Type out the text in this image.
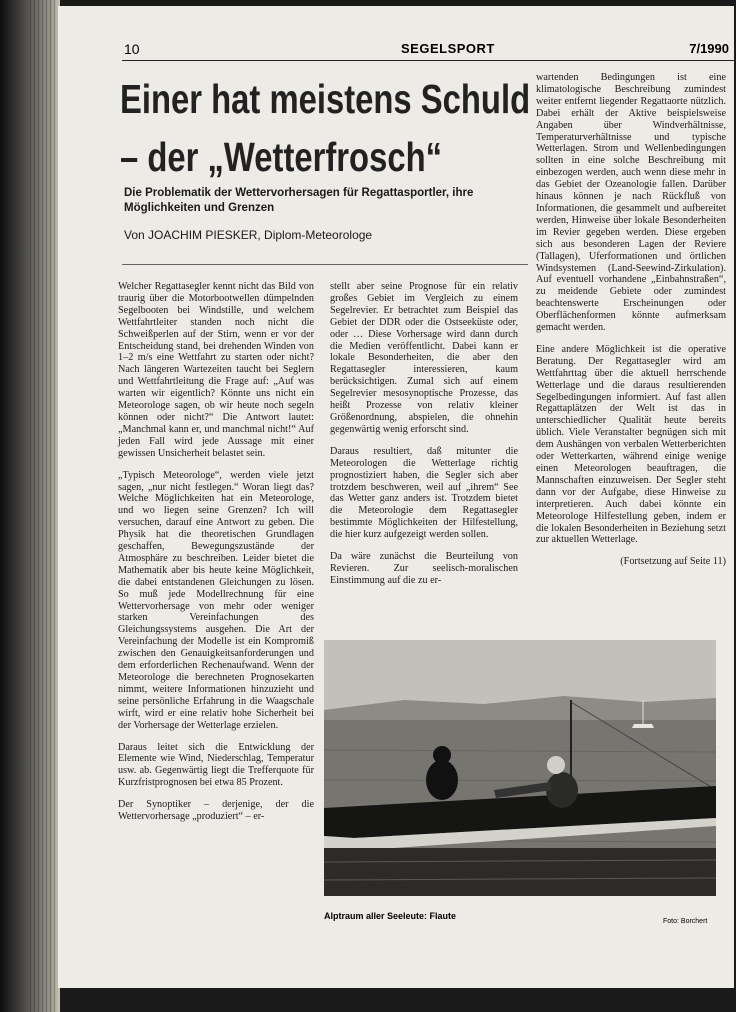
10	SEGELSPORT	7/1990
Einer hat meistens Schuld
– der „Wetterfrosch“
Die Problematik der Wettervorhersagen für Regattasportler, ihre Möglichkeiten und Grenzen
Von JOACHIM PIESKER, Diplom-Meteorologe

Welcher Regattasegler kennt nicht das Bild von traurig über die Motorbootwellen dümpelnden Segelbooten bei Windstille, und welchem Wettfahrtleiter standen noch nicht die Schweißperlen auf der Stirn, wenn er vor der Entscheidung stand, bei drehenden Winden von 1–2 m/s eine Wettfahrt zu starten oder nicht? Nach längeren Wartezeiten taucht bei Seglern und Wettfahrtleitung die Frage auf: „Auf was warten wir eigentlich? Könnte uns nicht ein Meteorologe sagen, ob wir heute noch segeln können oder nicht?“ Die Antwort lautet: „Manchmal kann er, und manchmal nicht!“ Auf jeden Fall wird jede Aussage mit einer gewissen Unsicherheit belastet sein.

„Typisch Meteorologe“, werden viele jetzt sagen, „nur nicht festlegen.“ Woran liegt das? Welche Möglichkeiten hat ein Meteorologe, und wo liegen seine Grenzen? Ich will versuchen, darauf eine Antwort zu geben. Die Physik hat die theoretischen Grundlagen geschaffen, Bewegungszustände der Atmosphäre zu beschreiben. Leider bietet die Mathematik aber bis heute keine Möglichkeit, die dabei entstandenen Gleichungen zu lösen. So muß jede Modellrechnung für eine Wettervorhersage von mehr oder weniger starken Vereinfachungen des Gleichungssystems ausgehen. Die Art der Vereinfachung der Modelle ist ein Kompromiß zwischen den Genauigkeitsanforderungen und dem erforderlichen Rechenaufwand. Wenn der Meteorologe die berechneten Prognosekarten nimmt, weitere Informationen hinzuzieht und seine persönliche Erfahrung in die Waagschale wirft, wird er eine relativ hohe Sicherheit bei der Vorhersage der Wetterlage erzielen.

Daraus leitet sich die Entwicklung der Elemente wie Wind, Niederschlag, Temperatur usw. ab. Gegenwärtig liegt die Trefferquote für Kurzfristprognosen bei etwa 85 Prozent.

Der Synoptiker – derjenige, der die Wettervorhersage „produziert“ – er-

stellt aber seine Prognose für ein relativ großes Gebiet im Vergleich zu einem Segelrevier. Er betrachtet zum Beispiel das Gebiet der DDR oder die Ostseeküste oder, oder … Diese Vorhersage wird dann durch die Medien veröffentlicht. Dabei kann er lokale Besonderheiten, die aber den Regattasegler interessieren, kaum berücksichtigen. Zumal sich auf einem Segelrevier mesosynoptische Prozesse, das heißt Prozesse von relativ kleiner Größenordnung, abspielen, die ohnehin gegenwärtig wenig erforscht sind.

Daraus resultiert, daß mitunter die Meteorologen die Wetterlage richtig prognostiziert haben, die Segler sich aber trotzdem beschweren, weil auf „ihrem“ See das Wetter ganz anders ist. Trotzdem bietet die Meteorologie dem Regattasegler bestimmte Möglichkeiten der Hilfestellung, die hier kurz aufgezeigt werden sollen.

Da wäre zunächst die Beurteilung von Revieren. Zur seelisch-moralischen Einstimmung auf die zu er-

wartenden Bedingungen ist eine klimatologische Beschreibung zumindest weiter entfernt liegender Regattaorte nützlich. Dabei erhält der Aktive beispielsweise Angaben über Windverhältnisse, Temperaturverhältnisse und typische Wetterlagen. Strom und Wellenbedingungen sollten in eine solche Beschreibung mit einbezogen werden, auch wenn diese mehr in das Gebiet der Ozeanologie fallen. Darüber hinaus können je nach Rückfluß von Informationen, die gesammelt und aufbereitet werden, Hinweise über lokale Besonderheiten im Revier gegeben werden. Diese ergeben sich aus besonderen Lagen der Reviere (Tallagen), Uferformationen und örtlichen Windsystemen (Land-Seewind-Zirkulation). Auf eventuell vorhandene „Einbahnstraßen“, zu meidende Gebiete oder zumindest beachtenswerte Erscheinungen oder Oberflächenformen könnte aufmerksam gemacht werden.

Eine andere Möglichkeit ist die operative Beratung. Der Regattasegler wird am Wettfahrttag über die aktuell herrschende Wetterlage und die daraus resultierenden Segelbedingungen informiert. Auf fast allen Regattaplätzen der Welt ist das in unterschiedlicher Qualität heute bereits üblich. Viele Veranstalter begnügen sich mit dem Aushängen von verbalen Wetterberichten oder Wetterkarten, während einige wenige einen Meteorologen beauftragen, die Mannschaften einzuweisen. Der Segler steht dann vor der Aufgabe, diese Hinweise zu interpretieren. Auch dabei könnte ein Meteorologe Hilfestellung geben, indem er die lokalen Besonderheiten in Beziehung setzt zur aktuellen Wetterlage.

(Fortsetzung auf Seite 11)

Alptraum aller Seeleute: Flaute
Foto: Borchert
